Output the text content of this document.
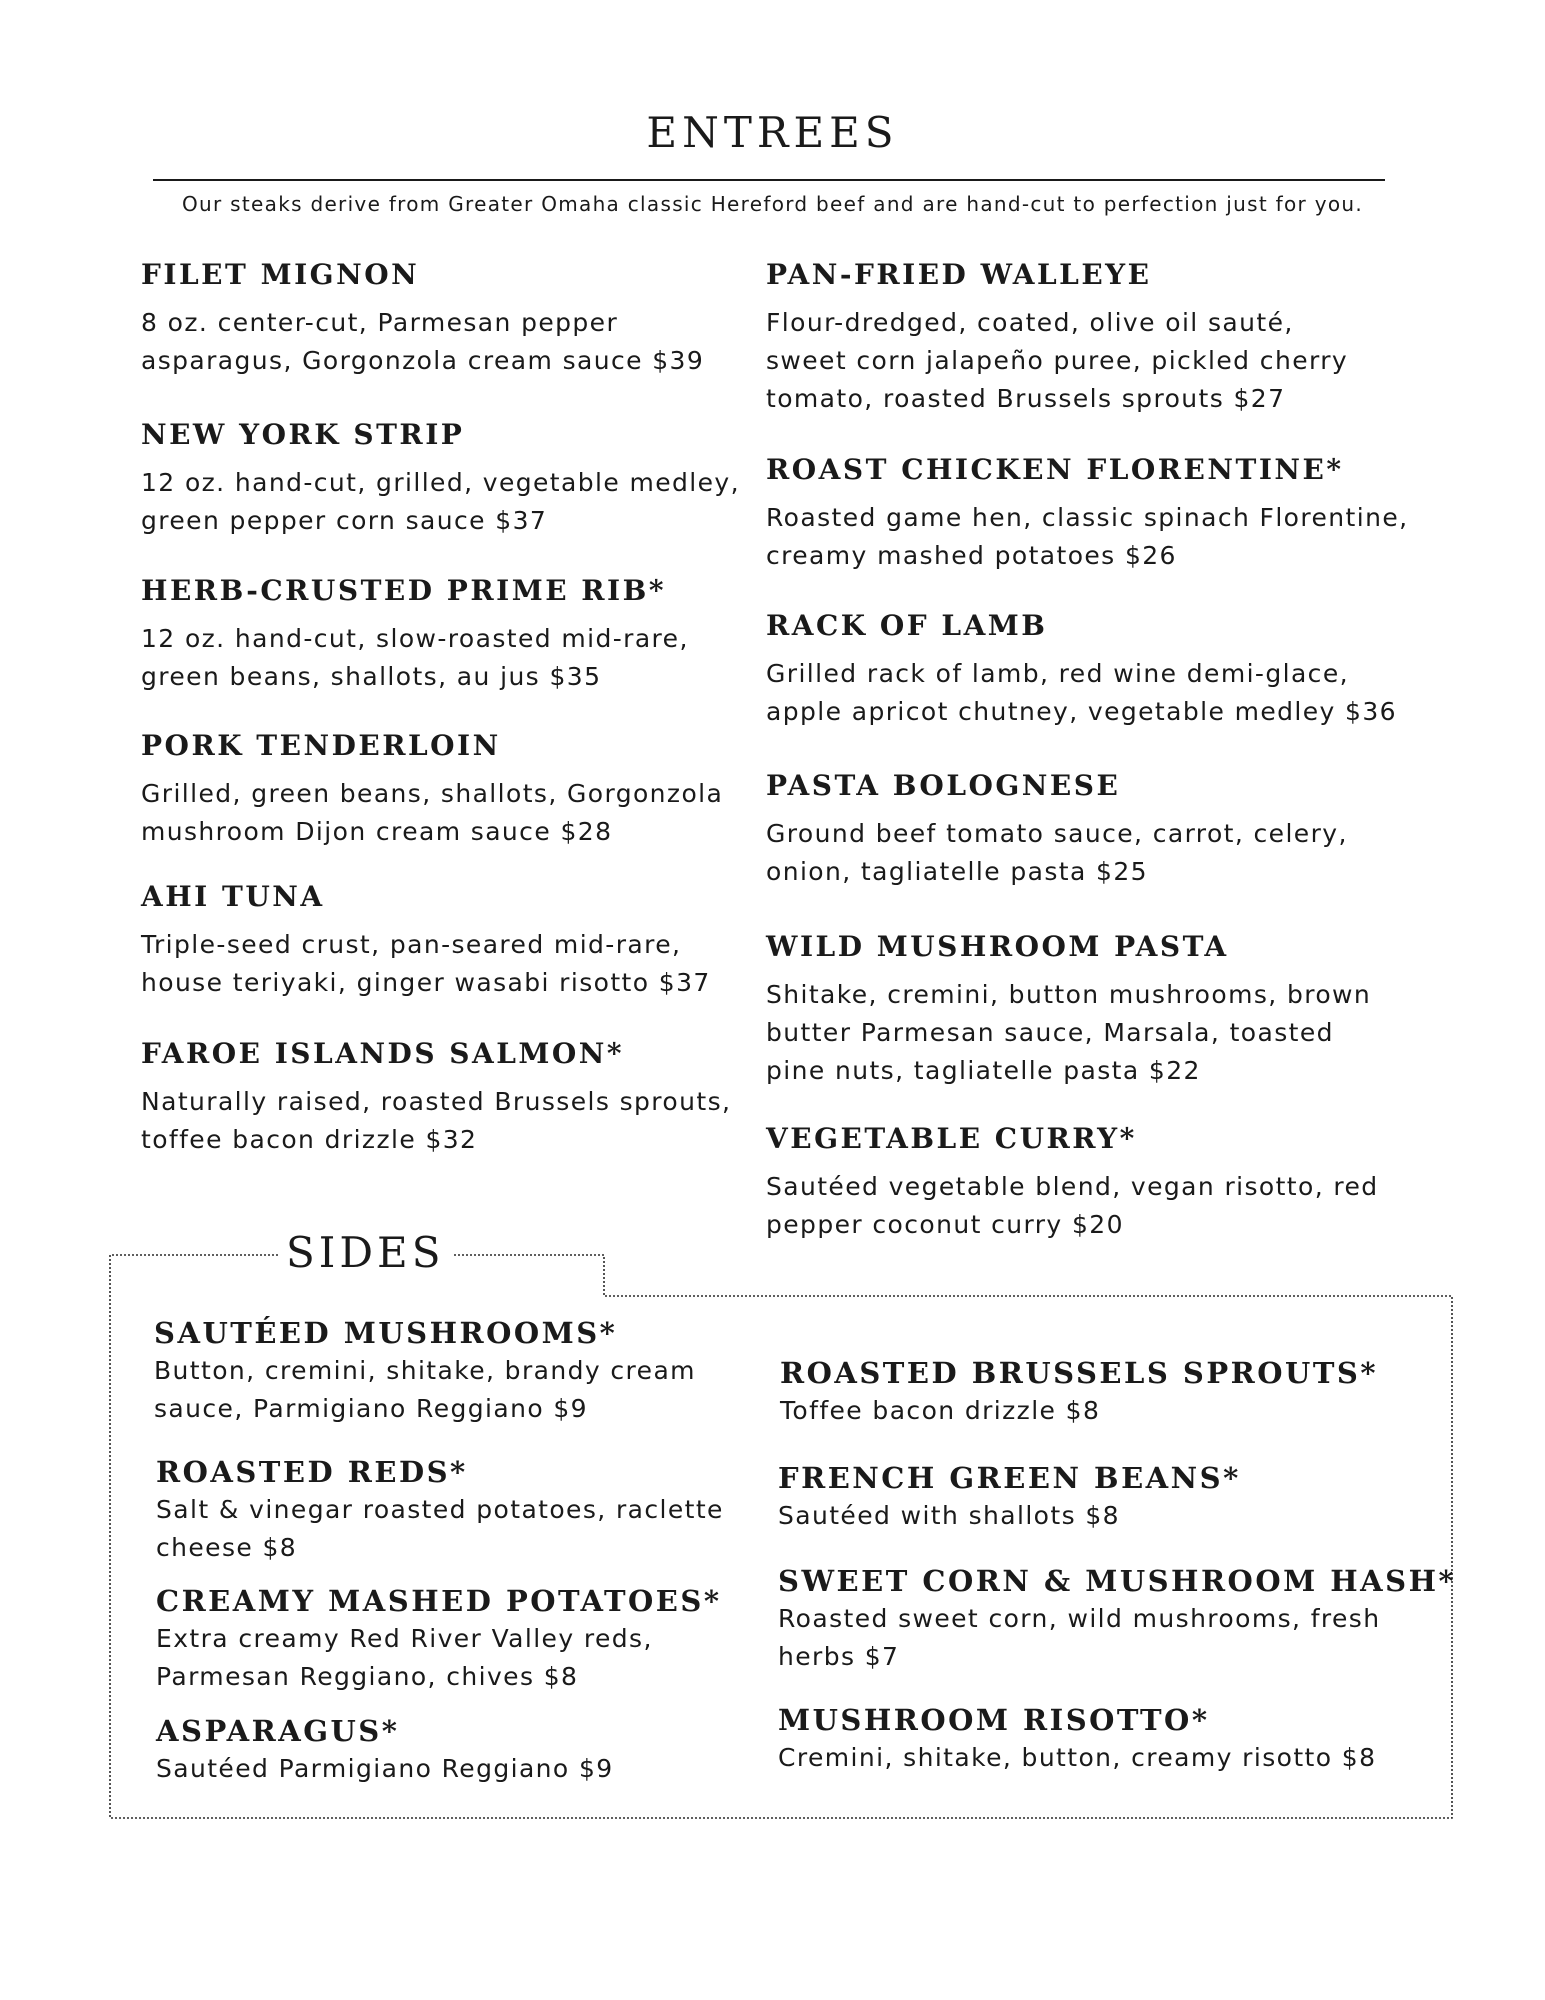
ENTREES
Our steaks derive from Greater Omaha classic Hereford beef and are hand-cut to perfection just for you.
FILET MIGNON
8 oz. center-cut, Parmesan pepper
asparagus, Gorgonzola cream sauce $39
NEW YORK STRIP
12 oz. hand-cut, grilled, vegetable medley,
green pepper corn sauce $37
HERB-CRUSTED PRIME RIB*
12 oz. hand-cut, slow-roasted mid-rare,
green beans, shallots, au jus $35
PORK TENDERLOIN
Grilled, green beans, shallots, Gorgonzola
mushroom Dijon cream sauce $28
AHI TUNA
Triple-seed crust, pan-seared mid-rare,
house teriyaki, ginger wasabi risotto $37
FAROE ISLANDS SALMON*
Naturally raised, roasted Brussels sprouts,
toffee bacon drizzle $32
PAN-FRIED WALLEYE
Flour-dredged, coated, olive oil sauté,
sweet corn jalapeño puree, pickled cherry
tomato, roasted Brussels sprouts $27
ROAST CHICKEN FLORENTINE*
Roasted game hen, classic spinach Florentine,
creamy mashed potatoes $26
RACK OF LAMB
Grilled rack of lamb, red wine demi-glace,
apple apricot chutney, vegetable medley $36
PASTA BOLOGNESE
Ground beef tomato sauce, carrot, celery,
onion, tagliatelle pasta $25
WILD MUSHROOM PASTA
Shitake, cremini, button mushrooms, brown
butter Parmesan sauce, Marsala, toasted
pine nuts, tagliatelle pasta $22
VEGETABLE CURRY*
Sautéed vegetable blend, vegan risotto, red
pepper coconut curry $20
SIDES
SAUTÉED MUSHROOMS*
Button, cremini, shitake, brandy cream
sauce, Parmigiano Reggiano $9
ROASTED REDS*
Salt & vinegar roasted potatoes, raclette
cheese $8
CREAMY MASHED POTATOES*
Extra creamy Red River Valley reds,
Parmesan Reggiano, chives $8
ASPARAGUS*
Sautéed Parmigiano Reggiano $9
ROASTED BRUSSELS SPROUTS*
Toffee bacon drizzle $8
FRENCH GREEN BEANS*
Sautéed with shallots $8
SWEET CORN & MUSHROOM HASH*
Roasted sweet corn, wild mushrooms, fresh
herbs $7
MUSHROOM RISOTTO*
Cremini, shitake, button, creamy risotto $8
